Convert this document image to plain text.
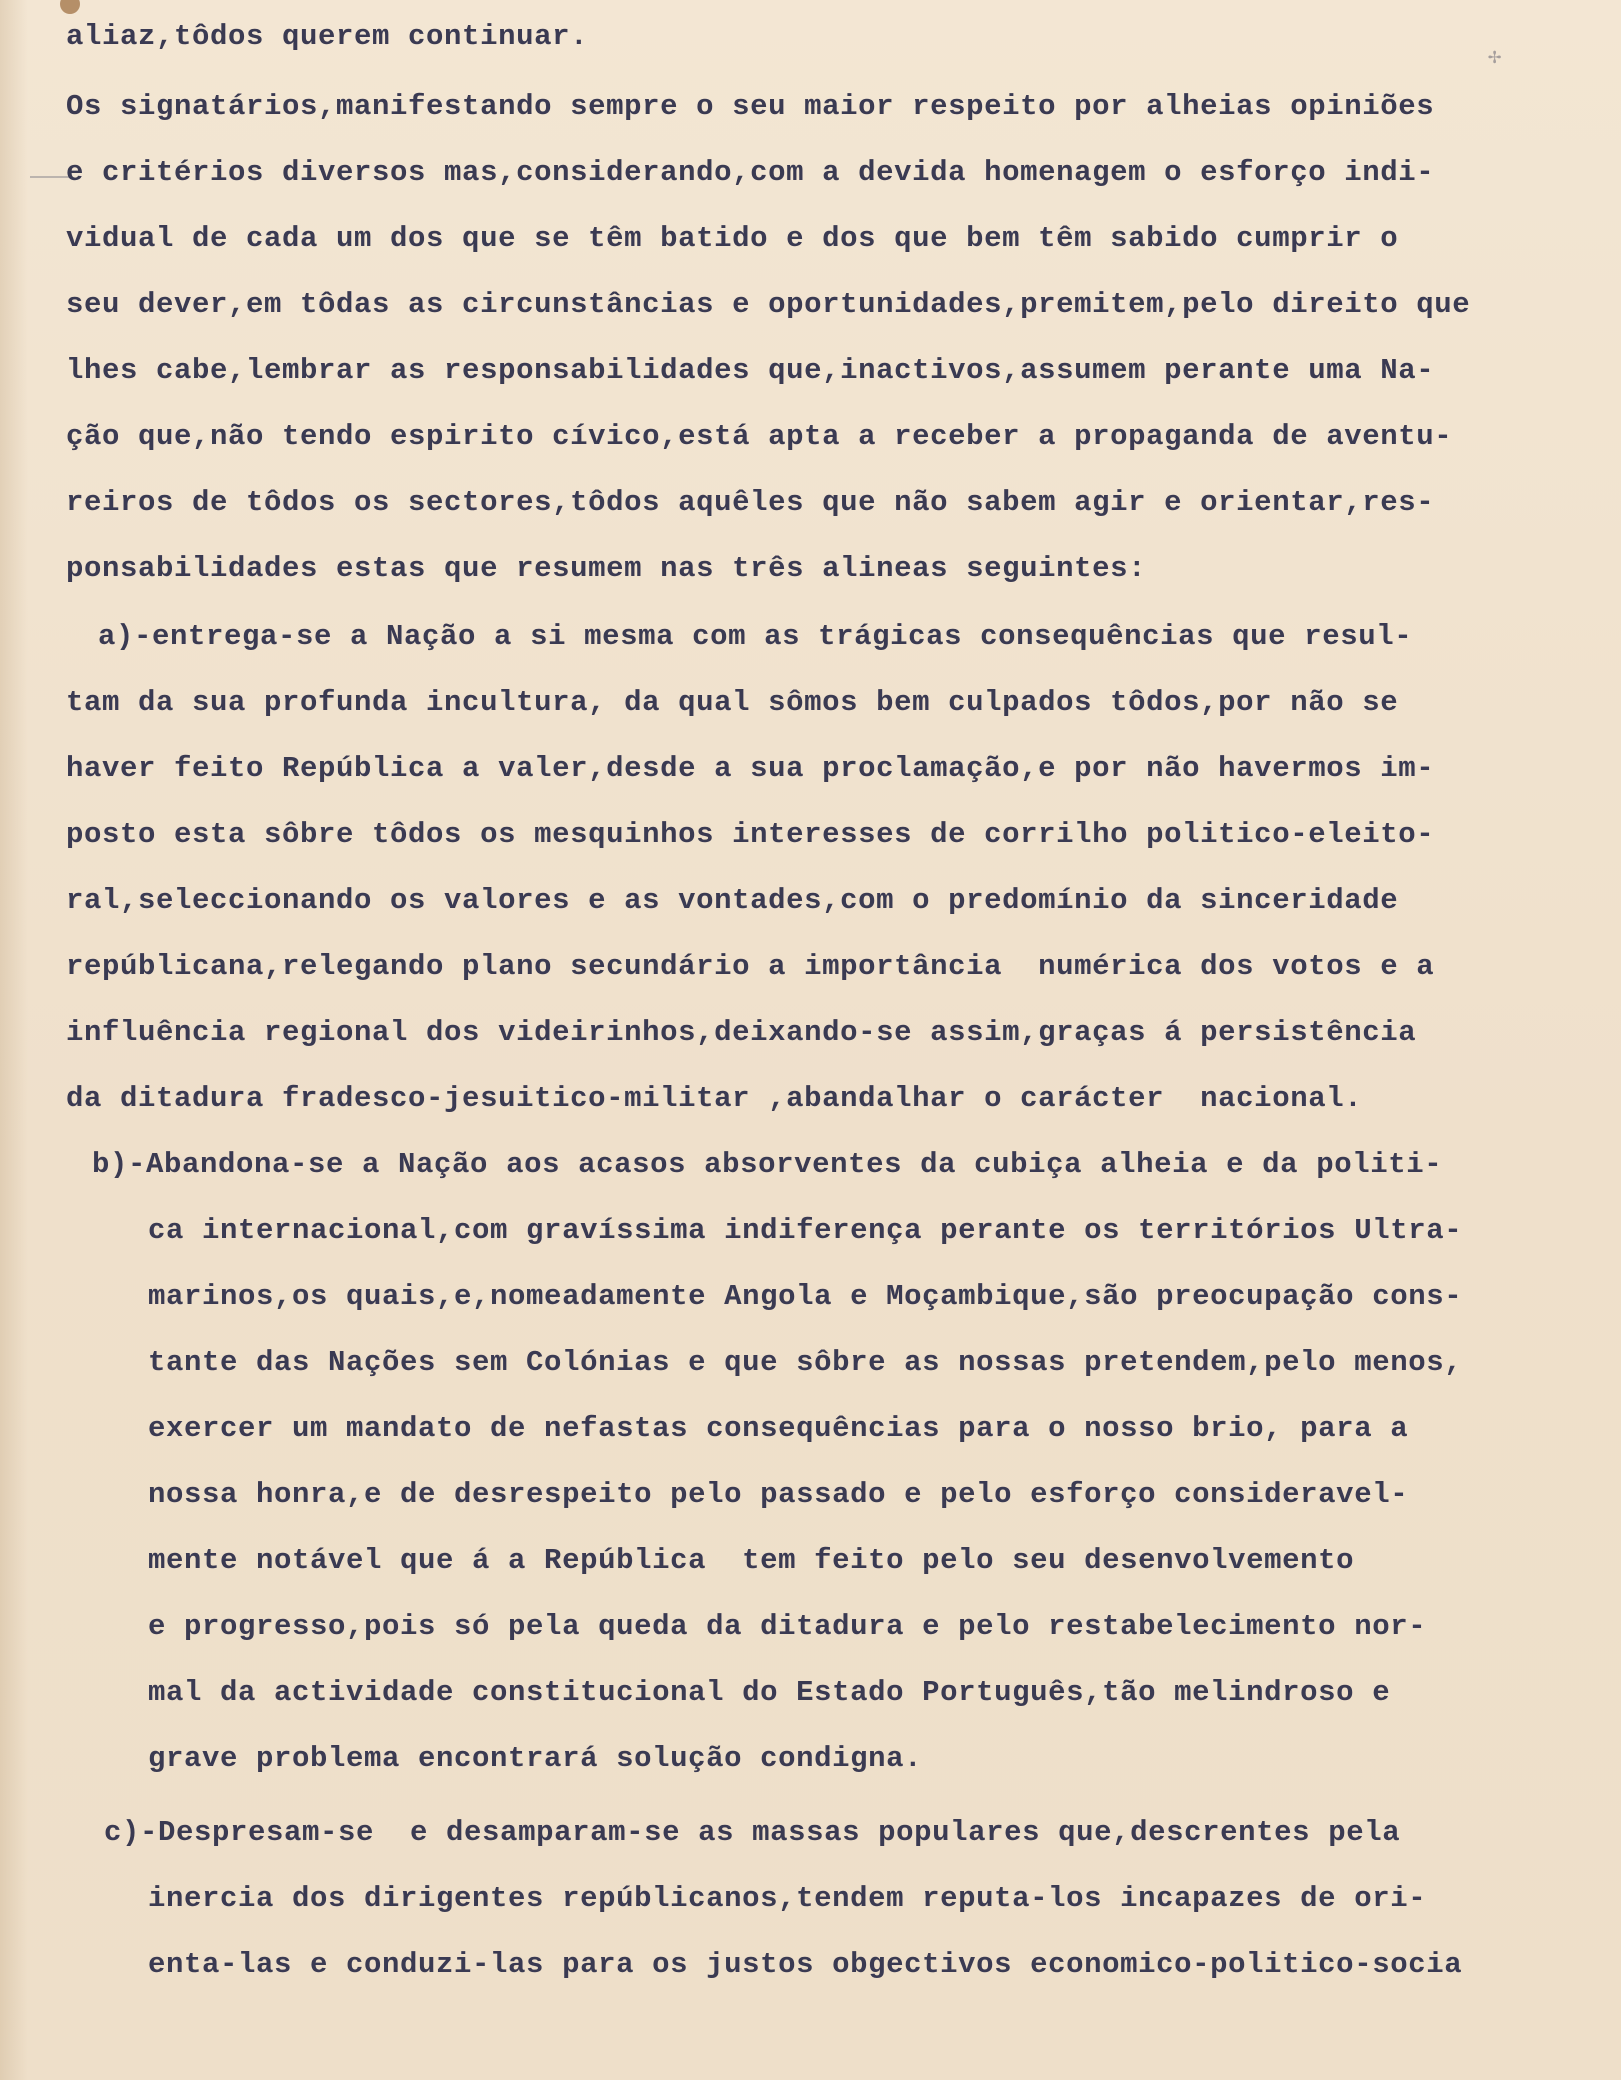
✢

aliaz,tôdos querem continuar.

Os signatários,manifestando sempre o seu maior respeito por alheias opiniões

e critérios diversos mas,considerando,com a devida homenagem o esforço indi-

vidual de cada um dos que se têm batido e dos que bem têm sabido cumprir o

seu dever,em tôdas as circunstâncias e oportunidades,premitem,pelo direito que

lhes cabe,lembrar as responsabilidades que,inactivos,assumem perante uma Na-

ção que,não tendo espirito cívico,está apta a receber a propaganda de aventu-

reiros de tôdos os sectores,tôdos aquêles que não sabem agir e orientar,res-

ponsabilidades estas que resumem nas três alineas seguintes:

a)-entrega-se a Nação a si mesma com as trágicas consequências que resul-

tam da sua profunda incultura, da qual sômos bem culpados tôdos,por não se

haver feito República a valer,desde a sua proclamação,e por não havermos im-

posto esta sôbre tôdos os mesquinhos interesses de corrilho politico-eleito-

ral,seleccionando os valores e as vontades,com o predomínio da sinceridade

repúblicana,relegando plano secundário a importância  numérica dos votos e a

influência regional dos videirinhos,deixando-se assim,graças á persistência

da ditadura fradesco-jesuitico-militar ,abandalhar o carácter  nacional.

b)-Abandona-se a Nação aos acasos absorventes da cubiça alheia e da politi-

ca internacional,com gravíssima indiferença perante os territórios Ultra-

marinos,os quais,e,nomeadamente Angola e Moçambique,são preocupação cons-

tante das Nações sem Colónias e que sôbre as nossas pretendem,pelo menos,

exercer um mandato de nefastas consequências para o nosso brio, para a

nossa honra,e de desrespeito pelo passado e pelo esforço consideravel-

mente notável que á a República  tem feito pelo seu desenvolvemento

e progresso,pois só pela queda da ditadura e pelo restabelecimento nor-

mal da actividade constitucional do Estado Português,tão melindroso e

grave problema encontrará solução condigna.

c)-Despresam-se  e desamparam-se as massas populares que,descrentes pela

inercia dos dirigentes repúblicanos,tendem reputa-los incapazes de ori-

enta-las e conduzi-las para os justos obgectivos economico-politico-socia
